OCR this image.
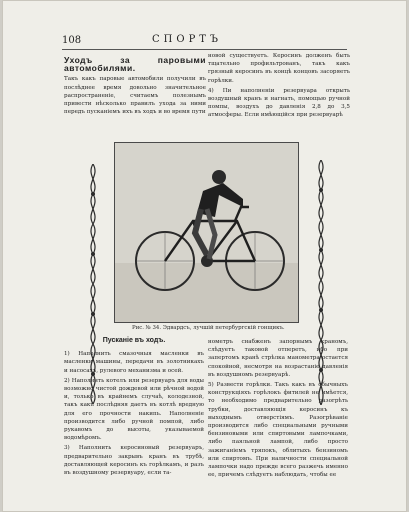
108	СПОРТЪ
Уходъ за паровыми автомобилями.

Такъ какъ паровые автомобили получили въ послѣднее время довольно значительное распространеніе, считаемъ полезнымъ привести нѣсколько правилъ ухода за ними передъ пусканіемъ ихъ въ ходъ и во время пути

новой существуетъ. Керосинъ долженъ быть тщательно профильтрованъ, такъ какъ грязный керосинъ въ концѣ концовъ засоряетъ горѣлки.

4) Пи наполненіи резервуара открыть воздушный кранъ и нагнать, помощью ручной помпы, воздухъ до давленія 2,8 до 3,5 атмосферы. Если имѣющійся при резервуарѣ

Рис. № 34. Эдвардсъ, лучшій петербургскій гонщикъ.
Пусканіе въ ходъ.

1) Наполнить смазочныя масленки въ масленки машины, передачи въ золотникахъ и насосахъ, рулевого механизма и осей.

2) Наполнить котелъ или резервуаръ для воды возможно чистой дождевой или рѣчной водой и, только въ крайнемъ случаѣ, колодезной, такъ какъ послѣдняя даетъ въ котлѣ вредную для его прочности накипь. Наполненіе производится либо ручной помпой, либо рукавомъ до высоты, указываемой водомѣромъ.

3) Наполнить керосиновый резервуаръ, предварительно закрывъ кранъ въ трубѣ, доставляющей керосинъ къ горѣлкамъ, и разъ въ воздушному резервуару, если та-

нометръ снабженъ запорнымъ краномъ, слѣдуетъ таковой отперетъ, ибо при запертомъ кранѣ стрѣлка манометра остается спокойной, несмотря на возрастаніе давленія въ воздушномъ резервуарѣ.

5) Развести горѣлки. Такъ какъ въ обычныхъ конструкціяхъ горѣлокъ фитилей не имѣется, то необходимо предварительно разогрѣть трубки, доставляющія керосинъ къ выходнымъ отверстіямъ. Разогрѣваніе производится либо специальными ручными бензиновыми или спиртовыми лампочками, либо паяльной лампой, либо просто зажиганіемъ тряпокъ, облитыхъ бензиномъ или спиртомъ. При наличности специальной лампочки надо прежде всего разжечь именно ее, причемъ слѣдуетъ наблюдать, чтобы ее
